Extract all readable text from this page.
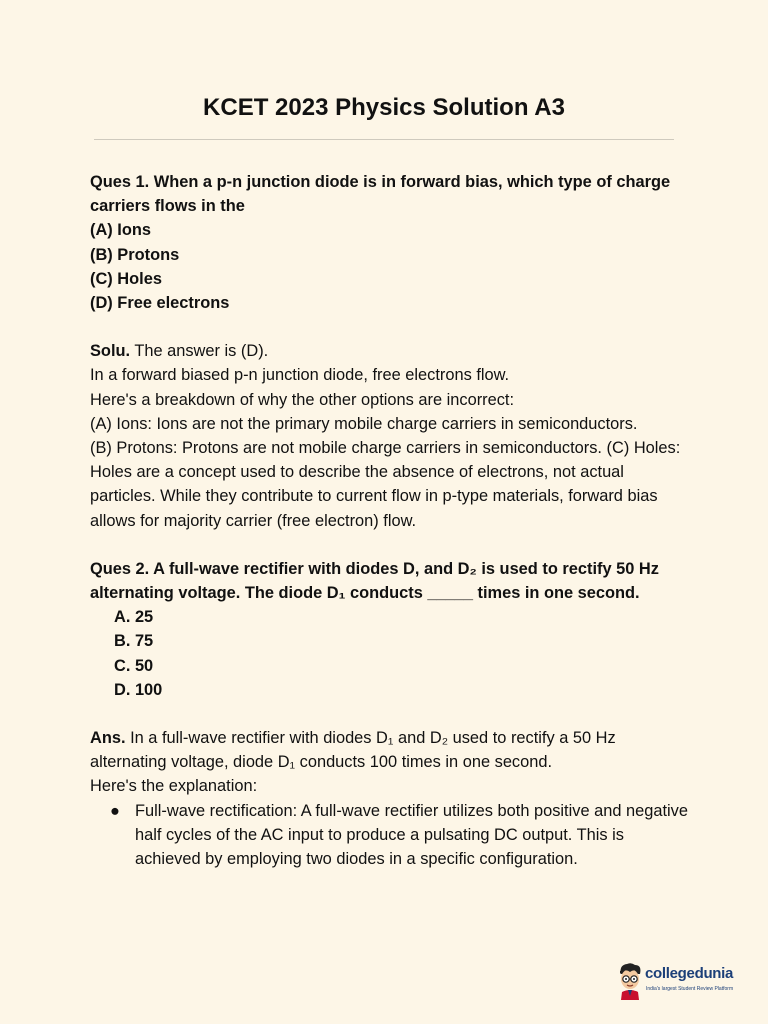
KCET 2023 Physics Solution A3

Ques 1. When a p-n junction diode is in forward bias, which type of charge carriers flows in the

(A) Ions

(B) Protons

(C) Holes

(D) Free electrons

Solu. The answer is (D).

In a forward biased p-n junction diode, free electrons flow.

Here's a breakdown of why the other options are incorrect:

(A) Ions: Ions are not the primary mobile charge carriers in semiconductors.

(B) Protons: Protons are not mobile charge carriers in semiconductors. (C) Holes: Holes are a concept used to describe the absence of electrons, not actual particles. While they contribute to current flow in p-type materials, forward bias allows for majority carrier (free electron) flow.

Ques 2. A full-wave rectifier with diodes D, and D₂ is used to rectify 50 Hz alternating voltage. The diode D₁ conducts _____ times in one second.

A. 25

B. 75

C. 50

D. 100

Ans. In a full-wave rectifier with diodes D₁ and D₂ used to rectify a 50 Hz alternating voltage, diode D₁ conducts 100 times in one second.

Here's the explanation:

● Full-wave rectification: A full-wave rectifier utilizes both positive and negative half cycles of the AC input to produce a pulsating DC output. This is achieved by employing two diodes in a specific configuration.
collegedunia
India's largest Student Review Platform
